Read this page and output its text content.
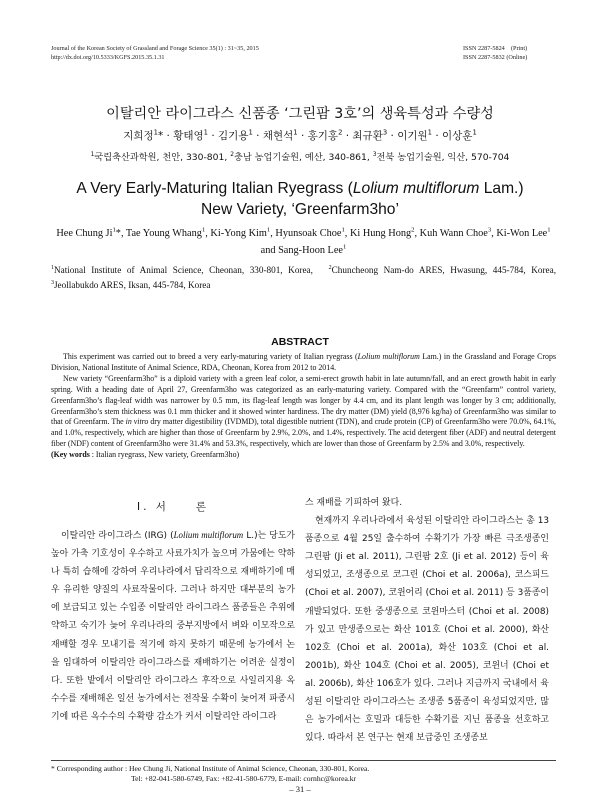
Journal of the Korean Society of Grassland and Forage Science 35(1) : 31~35, 2015
http://dx.doi.org/10.5333/KGFS.2015.35.1.31
ISSN 2287-5824　(Print)
ISSN 2287-5832 (Online)
이탈리안 라이그라스 신품종 ‘그린팜 3호’의 생육특성과 수량성
지희정$^1$* · 황태영$^1$ · 김기용$^1$ · 채현석$^1$ · 홍기홍$^2$ · 최규환$^3$ · 이기원$^1$ · 이상훈$^1$
$^1$국립축산과학원, 천안, 330-801, $^2$충남 농업기술원, 예산, 340-861, $^3$전북 농업기술원, 익산, 570-704
A Very Early-Maturing Italian Ryegrass (Lolium multiflorum Lam.)
New Variety, ‘Greenfarm3ho’
Hee Chung Ji$^1$*, Tae Young Whang$^1$, Ki-Yong Kim$^1$, Hyunsoak Choe$^1$, Ki Hung Hong$^2$, Kuh Wann Choe$^3$, Ki-Won Lee$^1$ and Sang-Hoon Lee$^1$
$^1$National Institute of Animal Science, Cheonan, 330-801, Korea,　$^2$Chuncheong Nam-do ARES, Hwasung, 445-784, Korea, $^3$Jeollabukdo ARES, Iksan, 445-784, Korea
ABSTRACT

This experiment was carried out to breed a very early-maturing variety of Italian ryegrass (Lolium multiflorum Lam.) in the Grassland and Forage Crops Division, National Institute of Animal Science, RDA, Cheonan, Korea from 2012 to 2014.

New variety “Greenfarm3ho” is a diploid variety with a green leaf color, a semi-erect growth habit in late autumn/fall, and an erect growth habit in early spring. With a heading date of April 27, Greenfarm3ho was categorized as an early-maturing variety. Compared with the “Greenfarm” control variety, Greenfarm3ho’s flag-leaf width was narrower by 0.5 mm, its flag-leaf length was longer by 4.4 cm, and its plant length was longer by 3 cm; additionally, Greenfarm3ho’s stem thickness was 0.1 mm thicker and it showed winter hardiness. The dry matter (DM) yield (8,976 kg/ha) of Greenfarm3ho was similar to that of Greenfarm. The in vitro dry matter digestibility (IVDMD), total digestible nutrient (TDN), and crude protein (CP) of Greenfarm3ho were 70.0%, 64.1%, and 1.0%, respectively, which are higher than those of Greenfarm by 2.9%, 2.0%, and 1.4%, respectively. The acid detergent fiber (ADF) and neutral detergent fiber (NDF) content of Greenfarm3ho were 31.4% and 53.3%, respectively, which are lower than those of Greenfarm by 2.5% and 3.0%, respectively.

(Key words : Italian ryegrass, New variety, Greenfarm3ho)

Ⅰ. 서　　론

이탈리안 라이그라스 (IRG) (Lolium multiflorum L.)는 당도가 높아 가축 기호성이 우수하고 사료가치가 높으며 가뭄에는 약하나 특히 습해에 강하여 우리나라에서 답리작으로 재배하기에 매우 유리한 양질의 사료작물이다. 그러나 하지만 대부분의 농가에 보급되고 있는 수입종 이탈리안 라이그라스 품종들은 추위에 약하고 숙기가 늦어 우리나라의 중부지방에서 벼와 이모작으로 재배할 경우 모내기를 적기에 하지 못하기 때문에 농가에서 논을 임대하여 이탈리안 라이그라스를 재배하기는 어려운 실정이다. 또한 밭에서 이탈리안 라이그라스 후작으로 사일리지용 옥수수를 재배해온 일선 농가에서는 전작물 수확이 늦어져 파종시기에 따른 옥수수의 수확량 감소가 커서 이탈리안 라이그라

스 재배를 기피하여 왔다.

현재까지 우리나라에서 육성된 이탈리안 라이그라스는 총 13품종으로 4월 25일 출수하여 수확기가 가장 빠른 극조생종인 그린팜 (Ji et al. 2011), 그린팜 2호 (Ji et al. 2012) 등이 육성되었고, 조생종으로 코그린 (Choi et al. 2006a), 코스피드 (Choi et al. 2007), 코윈어리 (Choi et al. 2011) 등 3품종이 개발되었다. 또한 중생종으로 코윈마스터 (Choi et al. 2008)가 있고 만생종으로는 화산 101호 (Choi et al. 2000), 화산 102호 (Choi et al. 2001a), 화산 103호 (Choi et al. 2001b), 화산 104호 (Choi et al. 2005), 코윈너 (Choi et al. 2006b), 화산 106호가 있다. 그러나 지금까지 국내에서 육성된 이탈리안 라이그라스는 조생종 5품종이 육성되었지만, 많은 농가에서는 호밀과 대등한 수확기를 지닌 품종을 선호하고 있다. 따라서 본 연구는 현재 보급중인 조생종보

* Corresponding author : Hee Chung Ji, National Institute of Animal Science, Cheonan, 330-801, Korea.
Tel: +82-041-580-6749, Fax: +82-41-580-6779, E-mail: cornhc@korea.kr
– 31 –
